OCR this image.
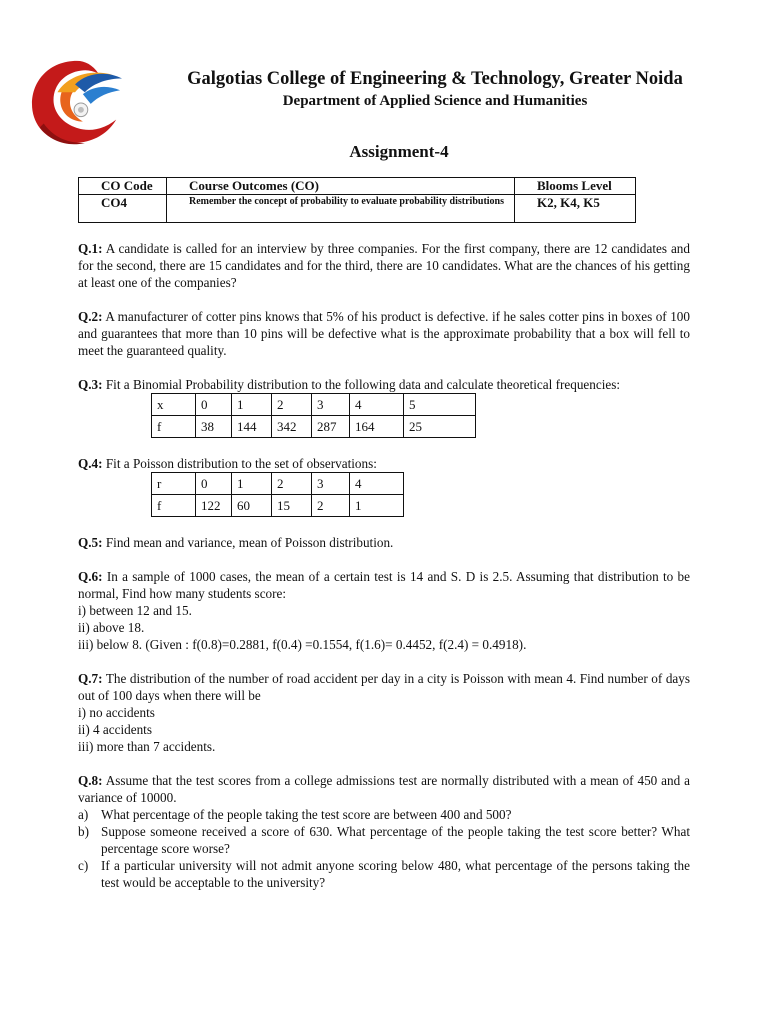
Galgotias College of Engineering & Technology, Greater Noida
Department of Applied Science and Humanities
Assignment-4
CO Code	Course Outcomes (CO)	Blooms Level
CO4	Remember the concept of probability to evaluate probability distributions	K2, K4, K5
Q.1: A candidate is called for an interview by three companies. For the first company, there are 12 candidates and for the second, there are 15 candidates and for the third, there are 10 candidates. What are the chances of his getting at least one of the companies?
Q.2: A manufacturer of cotter pins knows that 5% of his product is defective. if he sales cotter pins in boxes of 100 and guarantees that more than 10 pins will be defective what is the approximate probability that a box will fell to meet the guaranteed quality.
Q.3: Fit a Binomial Probability distribution to the following data and calculate theoretical frequencies:
x	0	1	2	3	4	5
f	38	144	342	287	164	25
Q.4: Fit a Poisson distribution to the set of observations:
r	0	1	2	3	4
f	122	60	15	2	1
Q.5: Find mean and variance, mean of Poisson distribution.
Q.6: In a sample of 1000 cases, the mean of a certain test is 14 and S. D is 2.5. Assuming that distribution to be normal, Find how many students score:
i) between 12 and 15.
ii) above 18.
iii) below 8. (Given : f(0.8)=0.2881, f(0.4) =0.1554, f(1.6)= 0.4452, f(2.4) = 0.4918).
Q.7: The distribution of the number of road accident per day in a city is Poisson with mean 4. Find number of days out of 100 days when there will be
i) no accidents
ii) 4 accidents
iii) more than 7 accidents.
Q.8: Assume that the test scores from a college admissions test are normally distributed with a mean of 450 and a variance of 10000.
a) What percentage of the people taking the test score are between 400 and 500?
b) Suppose someone received a score of 630. What percentage of the people taking the test score better? What percentage score worse?
c) If a particular university will not admit anyone scoring below 480, what percentage of the persons taking the test would be acceptable to the university?
